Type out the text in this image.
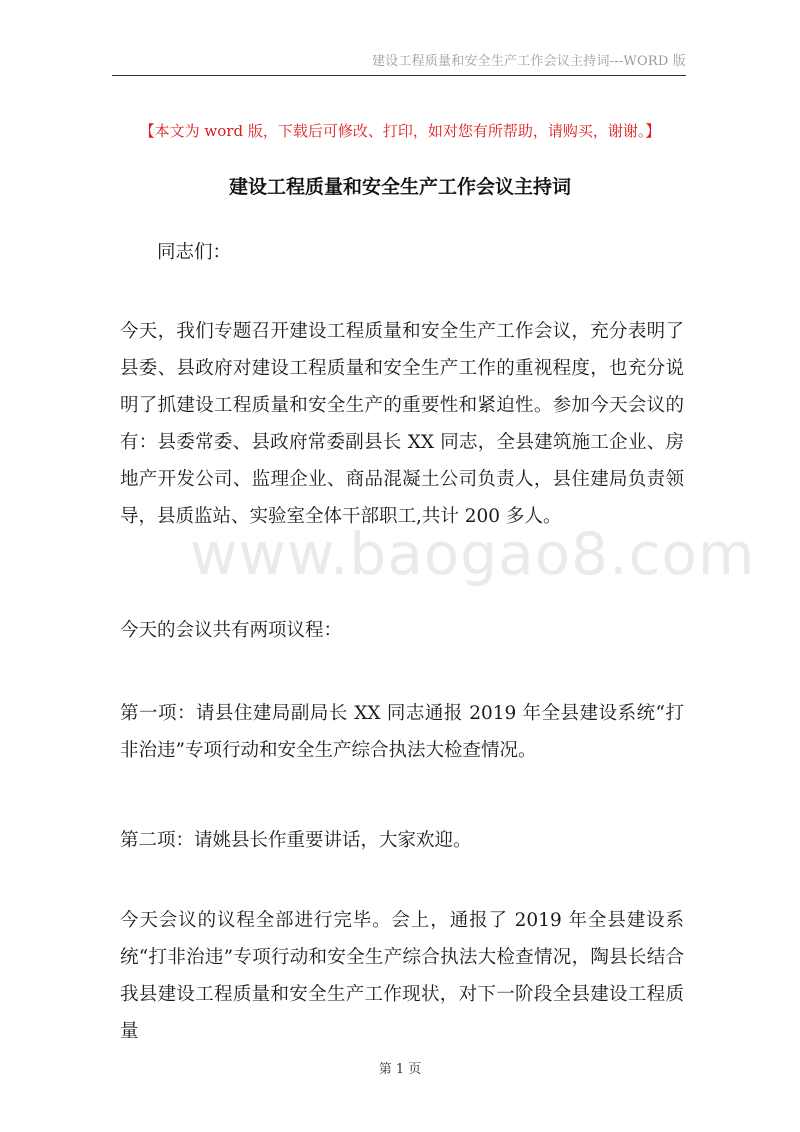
建设工程质量和安全生产工作会议主持词---WORD 版
【本文为 word 版，下载后可修改、打印，如对您有所帮助，请购买，谢谢。】
建设工程质量和安全生产工作会议主持词

同志们：

今天，我们专题召开建设工程质量和安全生产工作会议，充分表明了县委、县政府对建设工程质量和安全生产工作的重视程度，也充分说明了抓建设工程质量和安全生产的重要性和紧迫性。参加今天会议的有：县委常委、县政府常委副县长 XX 同志，全县建筑施工企业、房地产开发公司、监理企业、商品混凝土公司负责人，县住建局负责领导，县质监站、实验室全体干部职工,共计 200 多人。

www.baogao8.com

今天的会议共有两项议程：

第一项：请县住建局副局长 XX 同志通报 2019 年全县建设系统“打非治违”专项行动和安全生产综合执法大检查情况。

第二项：请姚县长作重要讲话，大家欢迎。

今天会议的议程全部进行完毕。会上，通报了 2019 年全县建设系统“打非治违”专项行动和安全生产综合执法大检查情况，陶县长结合我县建设工程质量和安全生产工作现状，对下一阶段全县建设工程质量

第 1 页
